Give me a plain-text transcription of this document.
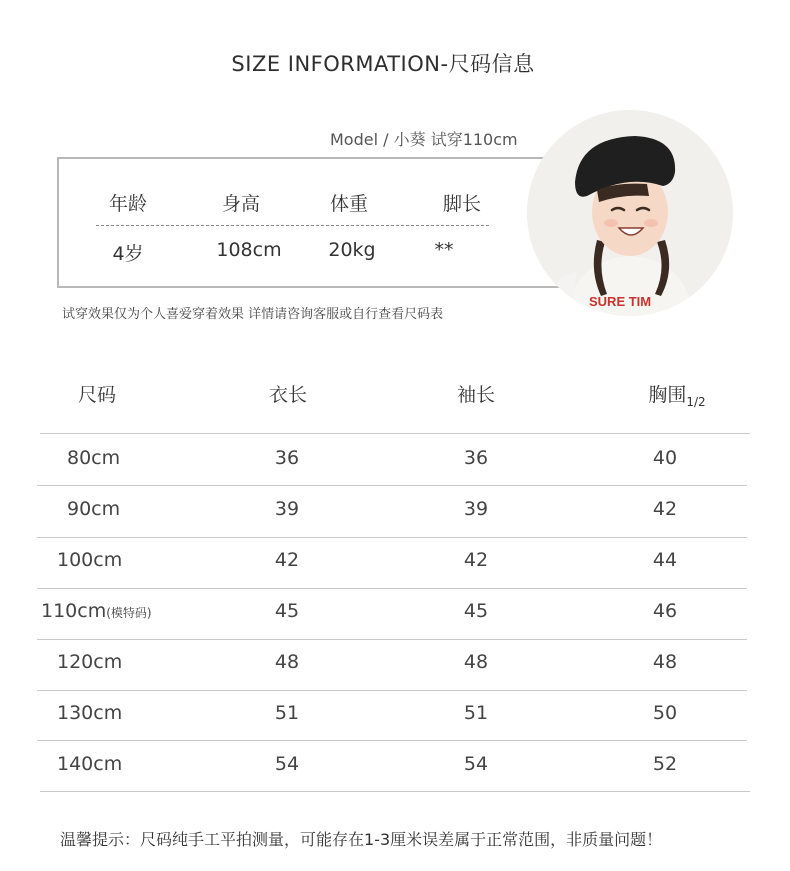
SIZE INFORMATION-尺码信息
Model / 小葵 试穿110cm
年龄	身高	体重	脚长
4岁	108cm	20kg	**
SURE TIM
试穿效果仅为个人喜爱穿着效果 详情请咨询客服或自行查看尺码表
尺码	衣长	袖长	胸围$_{1/2}$
80cm	36	36	40
90cm	39	39	42
100cm	42	42	44
110cm(模特码)	45	45	46
120cm	48	48	48
130cm	51	51	50
140cm	54	54	52
温馨提示：尺码纯手工平拍测量，可能存在1-3厘米误差属于正常范围，非质量问题！
